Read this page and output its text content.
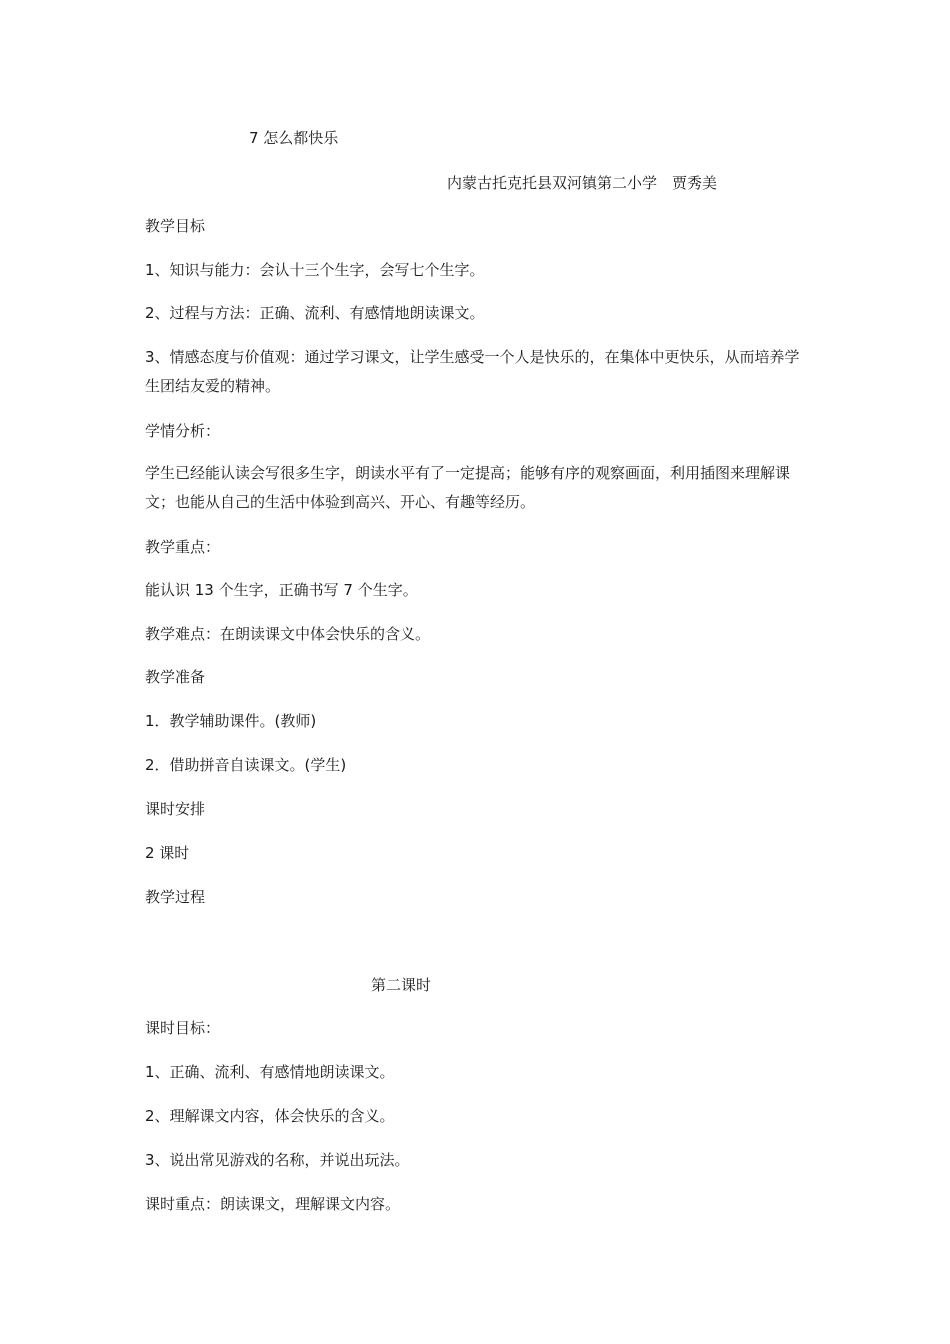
7 怎么都快乐
内蒙古托克托县双河镇第二小学　贾秀美
教学目标
1、知识与能力：会认十三个生字，会写七个生字。
2、过程与方法：正确、流利、有感情地朗读课文。
3、情感态度与价值观：通过学习课文，让学生感受一个人是快乐的，在集体中更快乐，从而培养学生团结友爱的精神。
学情分析：
学生已经能认读会写很多生字，朗读水平有了一定提高；能够有序的观察画面，利用插图来理解课文；也能从自己的生活中体验到高兴、开心、有趣等经历。
教学重点：
能认识 13 个生字，正确书写 7 个生字。
教学难点：在朗读课文中体会快乐的含义。
教学准备
1．教学辅助课件。(教师)
2．借助拼音自读课文。(学生)
课时安排
2 课时
教学过程
第二课时
课时目标：
1、正确、流利、有感情地朗读课文。
2、理解课文内容，体会快乐的含义。
3、说出常见游戏的名称，并说出玩法。
课时重点：朗读课文，理解课文内容。
